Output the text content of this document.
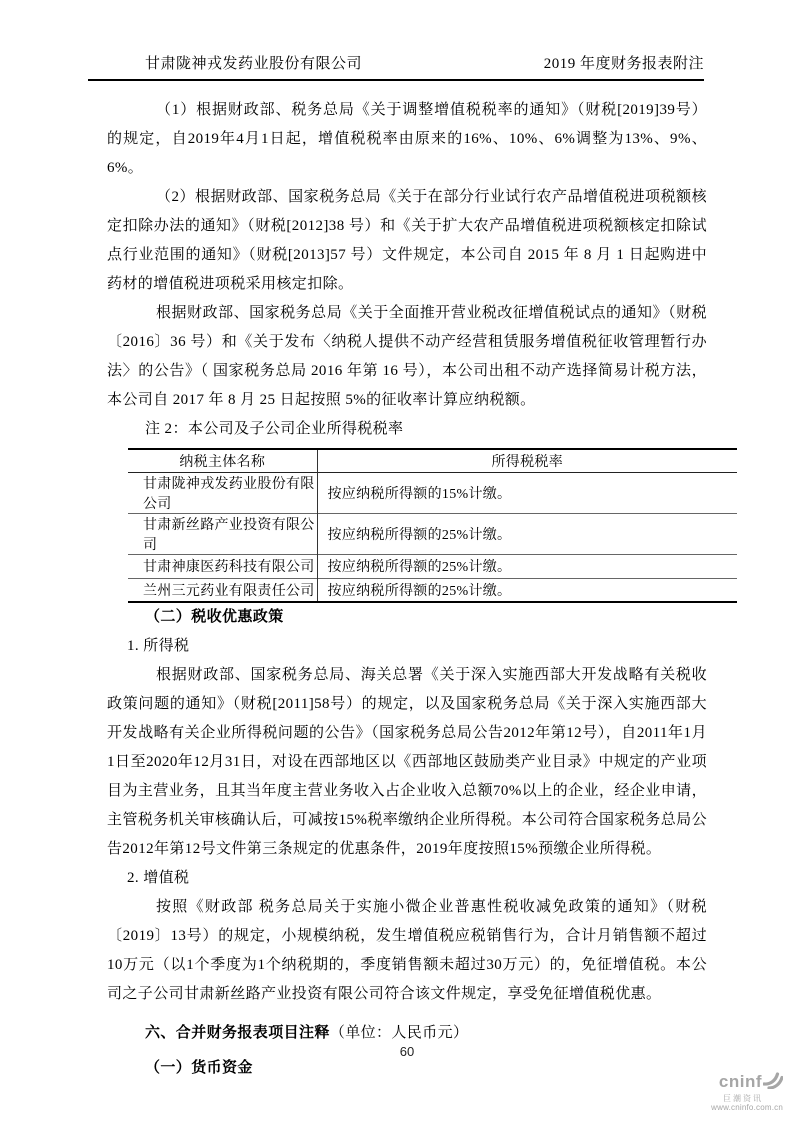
甘肃陇神戎发药业股份有限公司	2019 年度财务报表附注

（1）根据财政部、税务总局《关于调整增值税税率的通知》（财税[2019]39号）的规定，自2019年4月1日起，增值税税率由原来的16%、10%、6%调整为13%、9%、6%。

（2）根据财政部、国家税务总局《关于在部分行业试行农产品增值税进项税额核定扣除办法的通知》（财税[2012]38 号）和《关于扩大农产品增值税进项税额核定扣除试点行业范围的通知》（财税[2013]57 号）文件规定，本公司自 2015 年 8 月 1 日起购进中药材的增值税进项税采用核定扣除。

根据财政部、国家税务总局《关于全面推开营业税改征增值税试点的通知》（财税〔2016〕36 号）和《关于发布〈纳税人提供不动产经营租赁服务增值税征收管理暂行办法〉的公告》（ 国家税务总局 2016 年第 16 号），本公司出租不动产选择简易计税方法，本公司自 2017 年 8 月 25 日起按照 5%的征收率计算应纳税额。

注 2：本公司及子公司企业所得税税率

纳税主体名称	所得税税率
甘肃陇神戎发药业股份有限公司	按应纳税所得额的15%计缴。
甘肃新丝路产业投资有限公司	按应纳税所得额的25%计缴。
甘肃神康医药科技有限公司	按应纳税所得额的25%计缴。
兰州三元药业有限责任公司	按应纳税所得额的25%计缴。

（二）税收优惠政策

1. 所得税

根据财政部、国家税务总局、海关总署《关于深入实施西部大开发战略有关税收政策问题的通知》（财税[2011]58号）的规定，以及国家税务总局《关于深入实施西部大开发战略有关企业所得税问题的公告》（国家税务总局公告2012年第12号），自2011年1月1日至2020年12月31日，对设在西部地区以《西部地区鼓励类产业目录》中规定的产业项目为主营业务，且其当年度主营业务收入占企业收入总额70%以上的企业，经企业申请，主管税务机关审核确认后，可减按15%税率缴纳企业所得税。本公司符合国家税务总局公告2012年第12号文件第三条规定的优惠条件，2019年度按照15%预缴企业所得税。

2. 增值税

按照《财政部 税务总局关于实施小微企业普惠性税收减免政策的通知》（财税〔2019〕13号）的规定，小规模纳税，发生增值税应税销售行为，合计月销售额不超过10万元（以1个季度为1个纳税期的，季度销售额未超过30万元）的，免征增值税。本公司之子公司甘肃新丝路产业投资有限公司符合该文件规定，享受免征增值税优惠。

六、合并财务报表项目注释（单位：人民币元）

（一）货币资金

60
cninf
巨潮资讯
www.cninfo.com.cn
